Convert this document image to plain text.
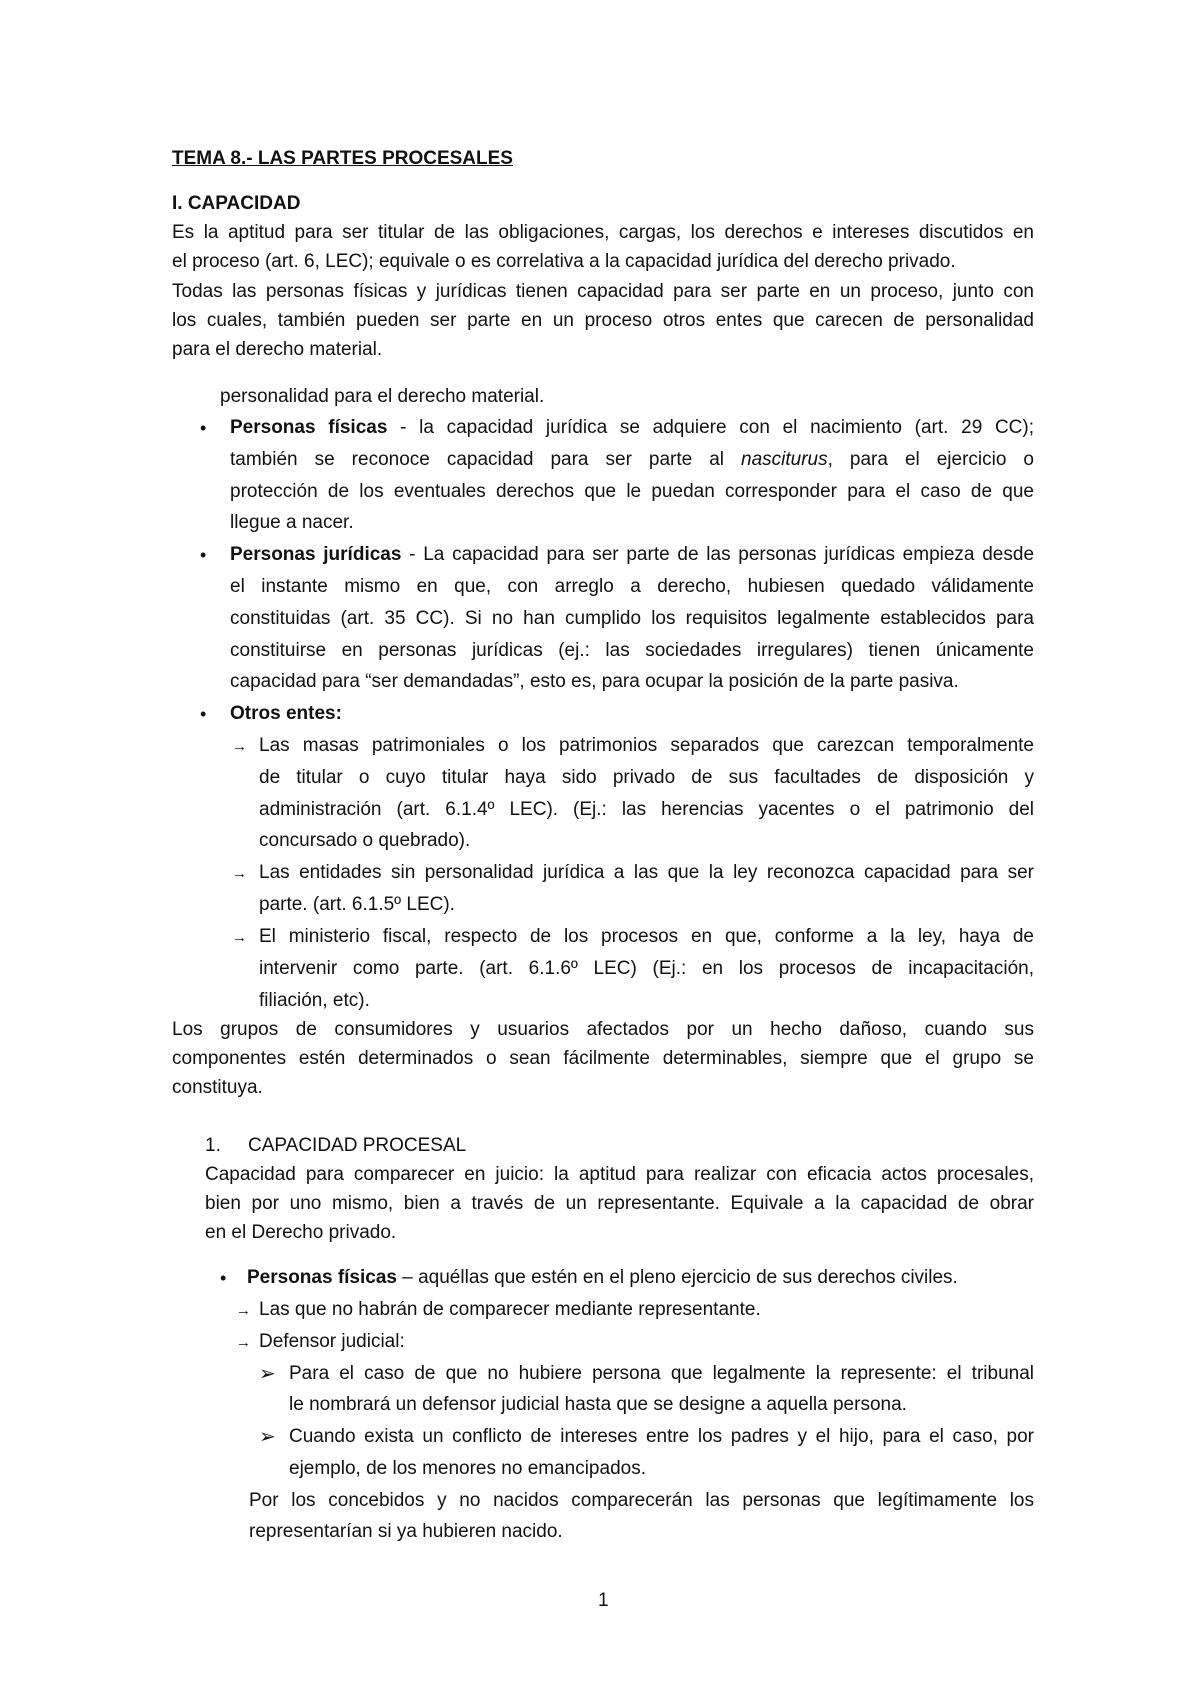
TEMA 8.- LAS PARTES PROCESALES
I. CAPACIDAD
Es la aptitud para ser titular de las obligaciones, cargas, los derechos e intereses discutidos en
el proceso (art. 6, LEC); equivale o es correlativa a la capacidad jurídica del derecho privado.
Todas las personas físicas y jurídicas tienen capacidad para ser parte en un proceso, junto con
los cuales, también pueden ser parte en un proceso otros entes que carecen de personalidad
para el derecho material.
personalidad para el derecho material.
• Personas físicas - la capacidad jurídica se adquiere con el nacimiento (art. 29 CC);
también se reconoce capacidad para ser parte al nasciturus, para el ejercicio o
protección de los eventuales derechos que le puedan corresponder para el caso de que
llegue a nacer.
• Personas jurídicas - La capacidad para ser parte de las personas jurídicas empieza desde
el instante mismo en que, con arreglo a derecho, hubiesen quedado válidamente
constituidas (art. 35 CC). Si no han cumplido los requisitos legalmente establecidos para
constituirse en personas jurídicas (ej.: las sociedades irregulares) tienen únicamente
capacidad para “ser demandadas”, esto es, para ocupar la posición de la parte pasiva.
• Otros entes:
→ Las masas patrimoniales o los patrimonios separados que carezcan temporalmente
de titular o cuyo titular haya sido privado de sus facultades de disposición y
administración (art. 6.1.4º LEC). (Ej.: las herencias yacentes o el patrimonio del
concursado o quebrado).
→ Las entidades sin personalidad jurídica a las que la ley reconozca capacidad para ser
parte. (art. 6.1.5º LEC).
→ El ministerio fiscal, respecto de los procesos en que, conforme a la ley, haya de
intervenir como parte. (art. 6.1.6º LEC) (Ej.: en los procesos de incapacitación,
filiación, etc).
Los grupos de consumidores y usuarios afectados por un hecho dañoso, cuando sus
componentes estén determinados o sean fácilmente determinables, siempre que el grupo se
constituya.
1. CAPACIDAD PROCESAL
Capacidad para comparecer en juicio: la aptitud para realizar con eficacia actos procesales,
bien por uno mismo, bien a través de un representante. Equivale a la capacidad de obrar
en el Derecho privado.
• Personas físicas – aquéllas que estén en el pleno ejercicio de sus derechos civiles.
→ Las que no habrán de comparecer mediante representante.
→ Defensor judicial:
➢ Para el caso de que no hubiere persona que legalmente la represente: el tribunal
le nombrará un defensor judicial hasta que se designe a aquella persona.
➢ Cuando exista un conflicto de intereses entre los padres y el hijo, para el caso, por
ejemplo, de los menores no emancipados.
Por los concebidos y no nacidos comparecerán las personas que legítimamente los
representarían si ya hubieren nacido.
1
